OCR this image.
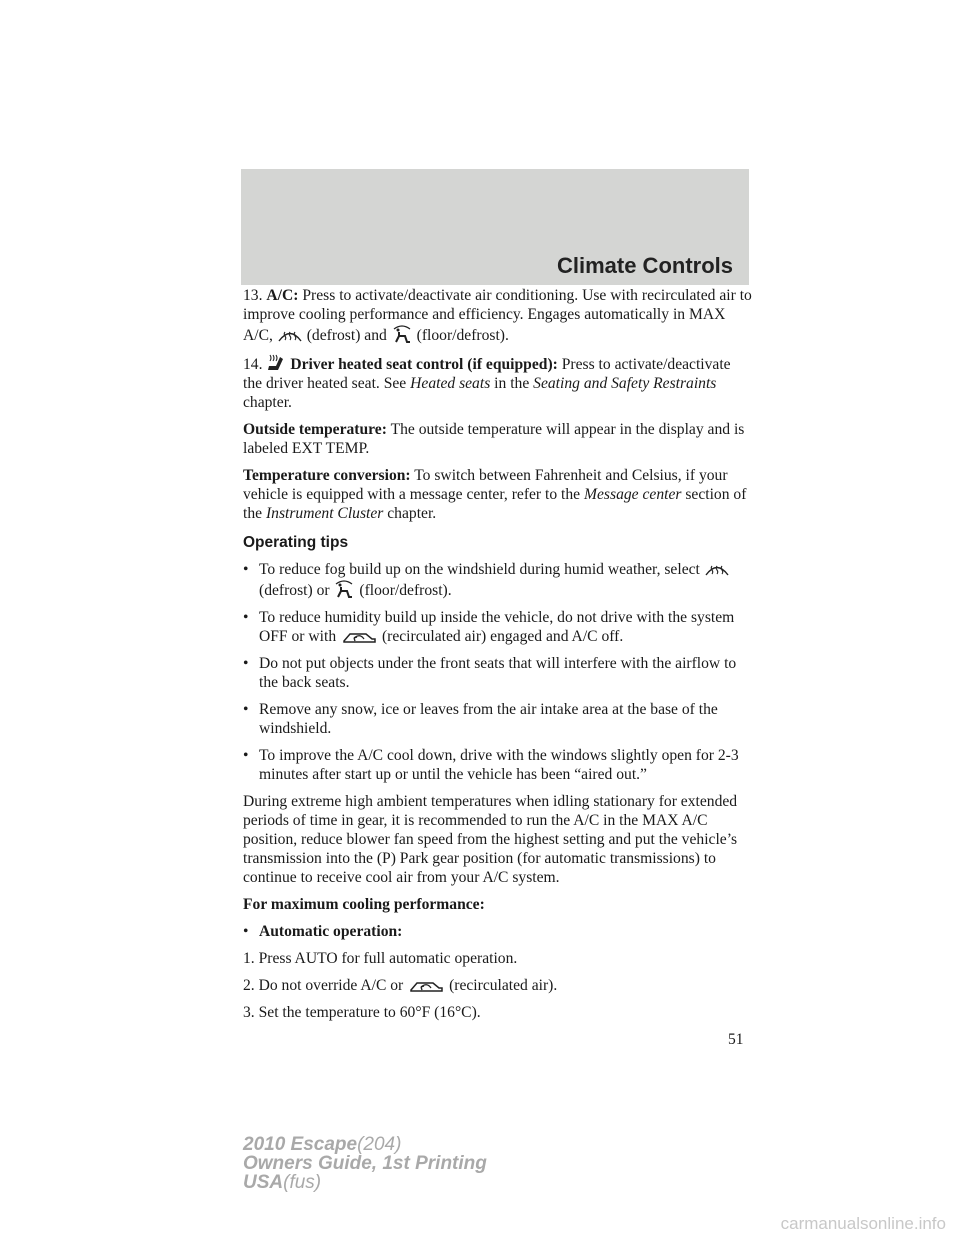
Climate Controls

13. A/C: Press to activate/deactivate air conditioning. Use with recirculated air to improve cooling performance and efficiency. Engages automatically in MAX A/C, (defrost) and (floor/defrost).

14. Driver heated seat control (if equipped): Press to activate/deactivate the driver heated seat. See Heated seats in the Seating and Safety Restraints chapter.

Outside temperature: The outside temperature will appear in the display and is labeled EXT TEMP.

Temperature conversion: To switch between Fahrenheit and Celsius, if your vehicle is equipped with a message center, refer to the Message center section of the Instrument Cluster chapter.

Operating tips
• To reduce fog build up on the windshield during humid weather, select
(defrost) or (floor/defrost).
• To reduce humidity build up inside the vehicle, do not drive with the system OFF or with	(recirculated air) engaged and A/C off.
• Do not put objects under the front seats that will interfere with the airflow to the back seats.
• Remove any snow, ice or leaves from the air intake area at the base of the windshield.
• To improve the A/C cool down, drive with the windows slightly open for 2-3 minutes after start up or until the vehicle has been “aired out.”

During extreme high ambient temperatures when idling stationary for extended periods of time in gear, it is recommended to run the A/C in the MAX A/C position, reduce blower fan speed from the highest setting and put the vehicle’s transmission into the (P) Park gear position (for automatic transmissions) to continue to receive cool air from your A/C system.

For maximum cooling performance:

• Automatic operation:

1. Press AUTO for full automatic operation.

2. Do not override A/C or	(recirculated air).

3. Set the temperature to 60°F (16°C).

51
2010 Escape(204)
Owners Guide, 1st Printing
USA(fus)
carmanualsonline.info
